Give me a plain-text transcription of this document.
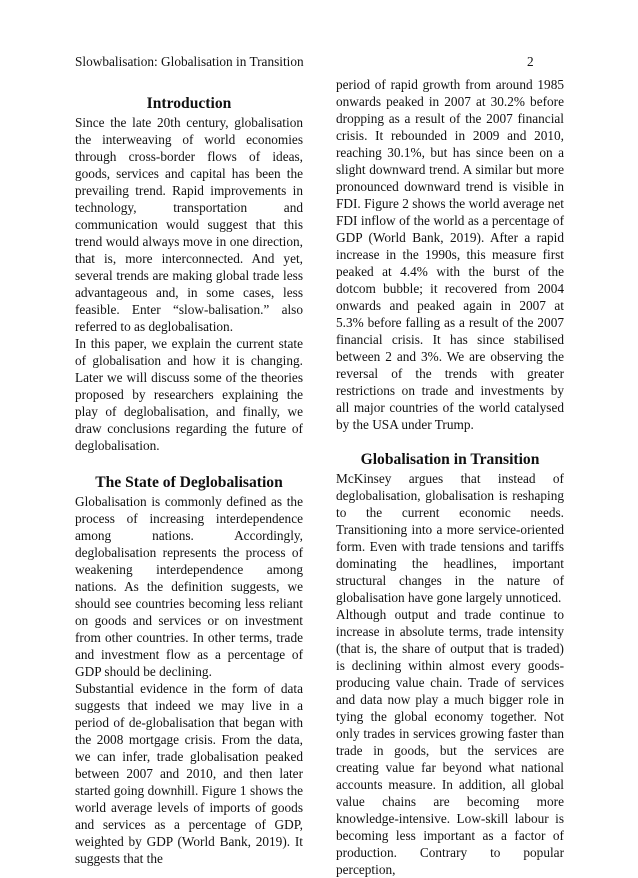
Slowbalisation: Globalisation in Transition	2
Introduction

Since the late 20th century, globalisation the interweaving of world economies through cross-border flows of ideas, goods, services and capital has been the prevailing trend. Rapid improvements in technology, transportation and communication would suggest that this trend would always move in one direction, that is, more interconnected. And yet, several trends are making global trade less advantageous and, in some cases, less feasible. Enter “slow-balisation.” also referred to as deglobalisation.

In this paper, we explain the current state of globalisation and how it is changing. Later we will discuss some of the theories proposed by researchers explaining the play of deglobalisation, and finally, we draw conclusions regarding the future of deglobalisation.

The State of Deglobalisation

Globalisation is commonly defined as the process of increasing interdependence among nations. Accordingly, deglobalisation represents the process of weakening interdependence among nations. As the definition suggests, we should see countries becoming less reliant on goods and services or on investment from other countries. In other terms, trade and investment flow as a percentage of GDP should be declining.

Substantial evidence in the form of data suggests that indeed we may live in a period of de-globalisation that began with the 2008 mortgage crisis. From the data, we can infer, trade globalisation peaked between 2007 and 2010, and then later started going downhill. Figure 1 shows the world average levels of imports of goods and services as a percentage of GDP, weighted by GDP (World Bank, 2019). It suggests that the

period of rapid growth from around 1985 onwards peaked in 2007 at 30.2% before dropping as a result of the 2007 financial crisis. It rebounded in 2009 and 2010, reaching 30.1%, but has since been on a slight downward trend. A similar but more pronounced downward trend is visible in FDI. Figure 2 shows the world average net FDI inflow of the world as a percentage of GDP (World Bank, 2019). After a rapid increase in the 1990s, this measure first peaked at 4.4% with the burst of the dotcom bubble; it recovered from 2004 onwards and peaked again in 2007 at 5.3% before falling as a result of the 2007 financial crisis. It has since stabilised between 2 and 3%. We are observing the reversal of the trends with greater restrictions on trade and investments by all major countries of the world catalysed by the USA under Trump.

Globalisation in Transition

McKinsey argues that instead of deglobalisation, globalisation is reshaping to the current economic needs. Transitioning into a more service-oriented form. Even with trade tensions and tariffs dominating the headlines, important structural changes in the nature of globalisation have gone largely unnoticed.

Although output and trade continue to increase in absolute terms, trade intensity (that is, the share of output that is traded) is declining within almost every goods-producing value chain. Trade of services and data now play a much bigger role in tying the global economy together. Not only trades in services growing faster than trade in goods, but the services are creating value far beyond what national accounts measure. In addition, all global value chains are becoming more knowledge-intensive. Low-skill labour is becoming less important as a factor of production. Contrary to popular perception,
